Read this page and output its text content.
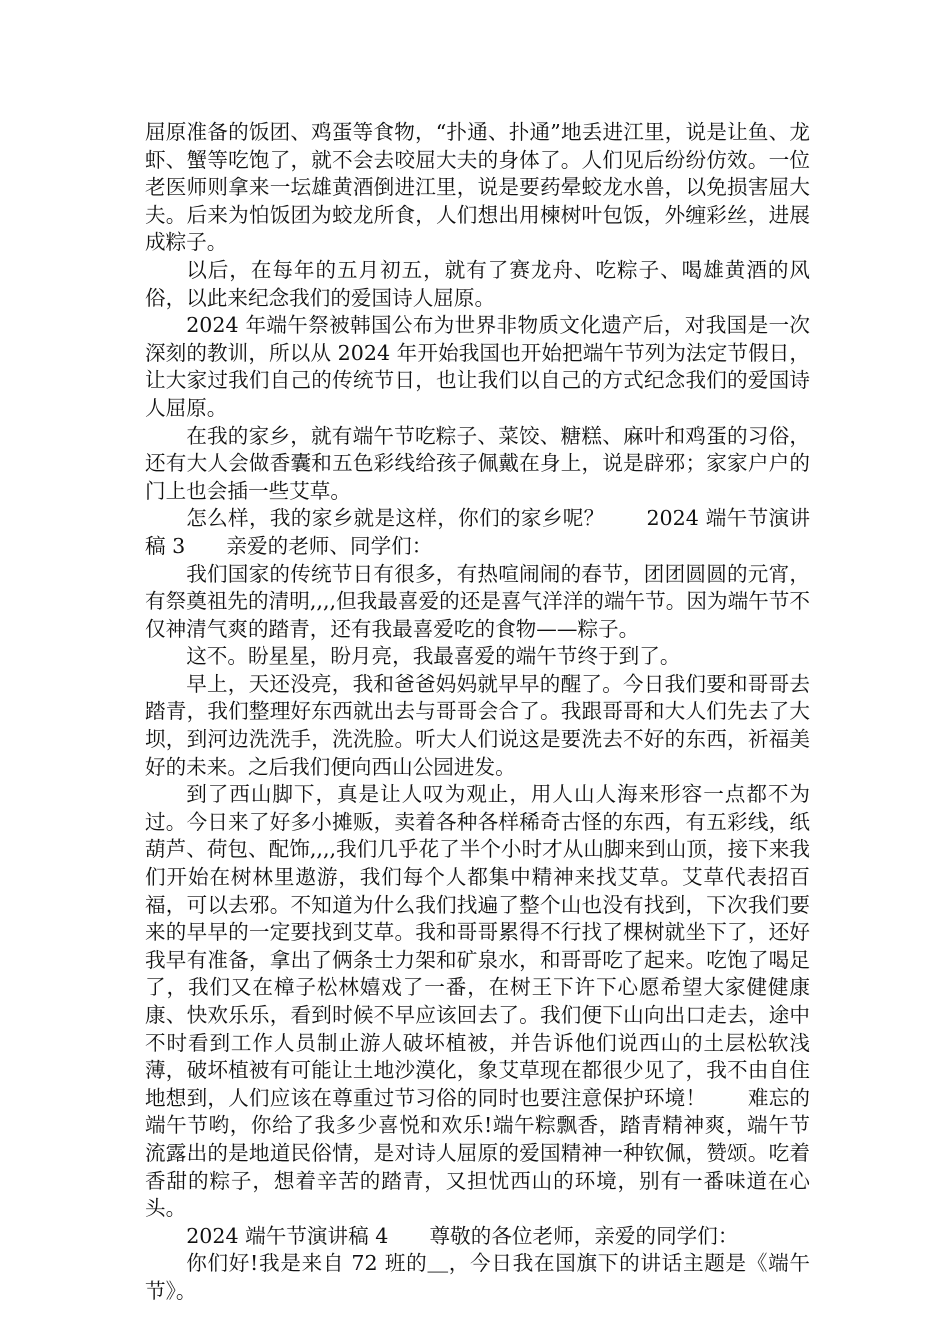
屈原准备的饭团、鸡蛋等食物，“扑通、扑通”地丢进江里，说是让鱼、龙虾、蟹等吃饱了，就不会去咬屈大夫的身体了。人们见后纷纷仿效。一位老医师则拿来一坛雄黄酒倒进江里，说是要药晕蛟龙水兽，以免损害屈大夫。后来为怕饭团为蛟龙所食，人们想出用楝树叶包饭，外缠彩丝，进展成粽子。

以后，在每年的五月初五，就有了赛龙舟、吃粽子、喝雄黄酒的风俗，以此来纪念我们的爱国诗人屈原。

2024 年端午祭被韩国公布为世界非物质文化遗产后，对我国是一次深刻的教训，所以从 2024 年开始我国也开始把端午节列为法定节假日，让大家过我们自己的传统节日，也让我们以自己的方式纪念我们的爱国诗人屈原。

在我的家乡，就有端午节吃粽子、菜饺、糖糕、麻叶和鸡蛋的习俗，还有大人会做香囊和五色彩线给孩子佩戴在身上，说是辟邪；家家户户的门上也会插一些艾草。

怎么样，我的家乡就是这样，你们的家乡呢？　　2024 端午节演讲稿 3　　亲爱的老师、同学们：

我们国家的传统节日有很多，有热喧闹闹的春节，团团圆圆的元宵，有祭奠祖先的清明,,,,但我最喜爱的还是喜气洋洋的端午节。因为端午节不仅神清气爽的踏青，还有我最喜爱吃的食物——粽子。

这不。盼星星，盼月亮，我最喜爱的端午节终于到了。

早上，天还没亮，我和爸爸妈妈就早早的醒了。今日我们要和哥哥去踏青，我们整理好东西就出去与哥哥会合了。我跟哥哥和大人们先去了大坝，到河边洗洗手，洗洗脸。听大人们说这是要洗去不好的东西，祈福美好的未来。之后我们便向西山公园进发。

到了西山脚下，真是让人叹为观止，用人山人海来形容一点都不为过。今日来了好多小摊贩，卖着各种各样稀奇古怪的东西，有五彩线，纸葫芦、荷包、配饰,,,,我们几乎花了半个小时才从山脚来到山顶，接下来我们开始在树林里遨游，我们每个人都集中精神来找艾草。艾草代表招百福，可以去邪。不知道为什么我们找遍了整个山也没有找到，下次我们要来的早早的一定要找到艾草。我和哥哥累得不行找了棵树就坐下了，还好我早有准备，拿出了俩条士力架和矿泉水，和哥哥吃了起来。吃饱了喝足了，我们又在樟子松林嬉戏了一番，在树王下许下心愿希望大家健健康康、快欢乐乐，看到时候不早应该回去了。我们便下山向出口走去，途中不时看到工作人员制止游人破坏植被，并告诉他们说西山的土层松软浅薄，破坏植被有可能让土地沙漠化，象艾草现在都很少见了，我不由自住地想到，人们应该在尊重过节习俗的同时也要注意保护环境！　　难忘的端午节哟，你给了我多少喜悦和欢乐!端午粽飘香，踏青精神爽，端午节流露出的是地道民俗情，是对诗人屈原的爱国精神一种钦佩，赞颂。吃着香甜的粽子，想着辛苦的踏青，又担忧西山的环境，别有一番味道在心头。

2024 端午节演讲稿 4　　尊敬的各位老师，亲爱的同学们：

你们好!我是来自 72 班的＿，今日我在国旗下的讲话主题是《端午节》。
